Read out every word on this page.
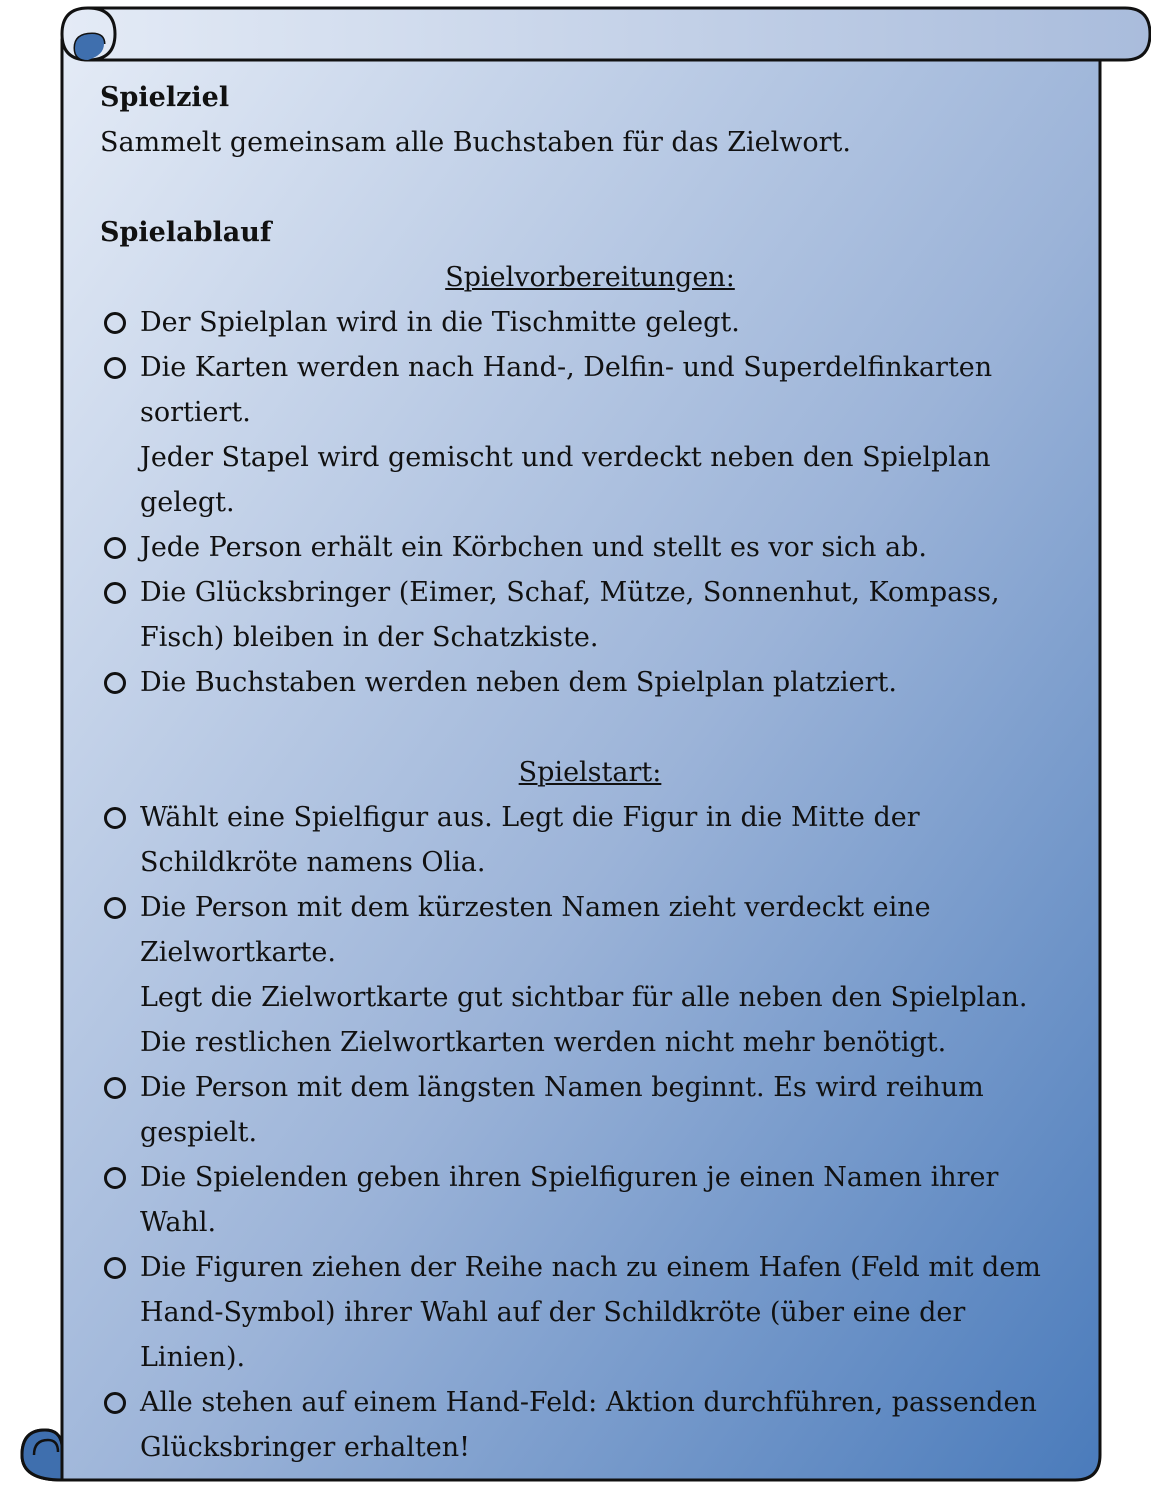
Spielziel
Sammelt gemeinsam alle Buchstaben für das Zielwort.
Spielablauf
Spielvorbereitungen:
Der Spielplan wird in die Tischmitte gelegt.
Die Karten werden nach Hand-, Delfin- und Superdelfinkarten
sortiert.
Jeder Stapel wird gemischt und verdeckt neben den Spielplan
gelegt.
Jede Person erhält ein Körbchen und stellt es vor sich ab.
Die Glücksbringer (Eimer, Schaf, Mütze, Sonnenhut, Kompass,
Fisch) bleiben in der Schatzkiste.
Die Buchstaben werden neben dem Spielplan platziert.
Spielstart:
Wählt eine Spielfigur aus. Legt die Figur in die Mitte der
Schildkröte namens Olia.
Die Person mit dem kürzesten Namen zieht verdeckt eine
Zielwortkarte.
Legt die Zielwortkarte gut sichtbar für alle neben den Spielplan.
Die restlichen Zielwortkarten werden nicht mehr benötigt.
Die Person mit dem längsten Namen beginnt. Es wird reihum
gespielt.
Die Spielenden geben ihren Spielfiguren je einen Namen ihrer
Wahl.
Die Figuren ziehen der Reihe nach zu einem Hafen (Feld mit dem
Hand-Symbol) ihrer Wahl auf der Schildkröte (über eine der
Linien).
Alle stehen auf einem Hand-Feld: Aktion durchführen, passenden
Glücksbringer erhalten!
